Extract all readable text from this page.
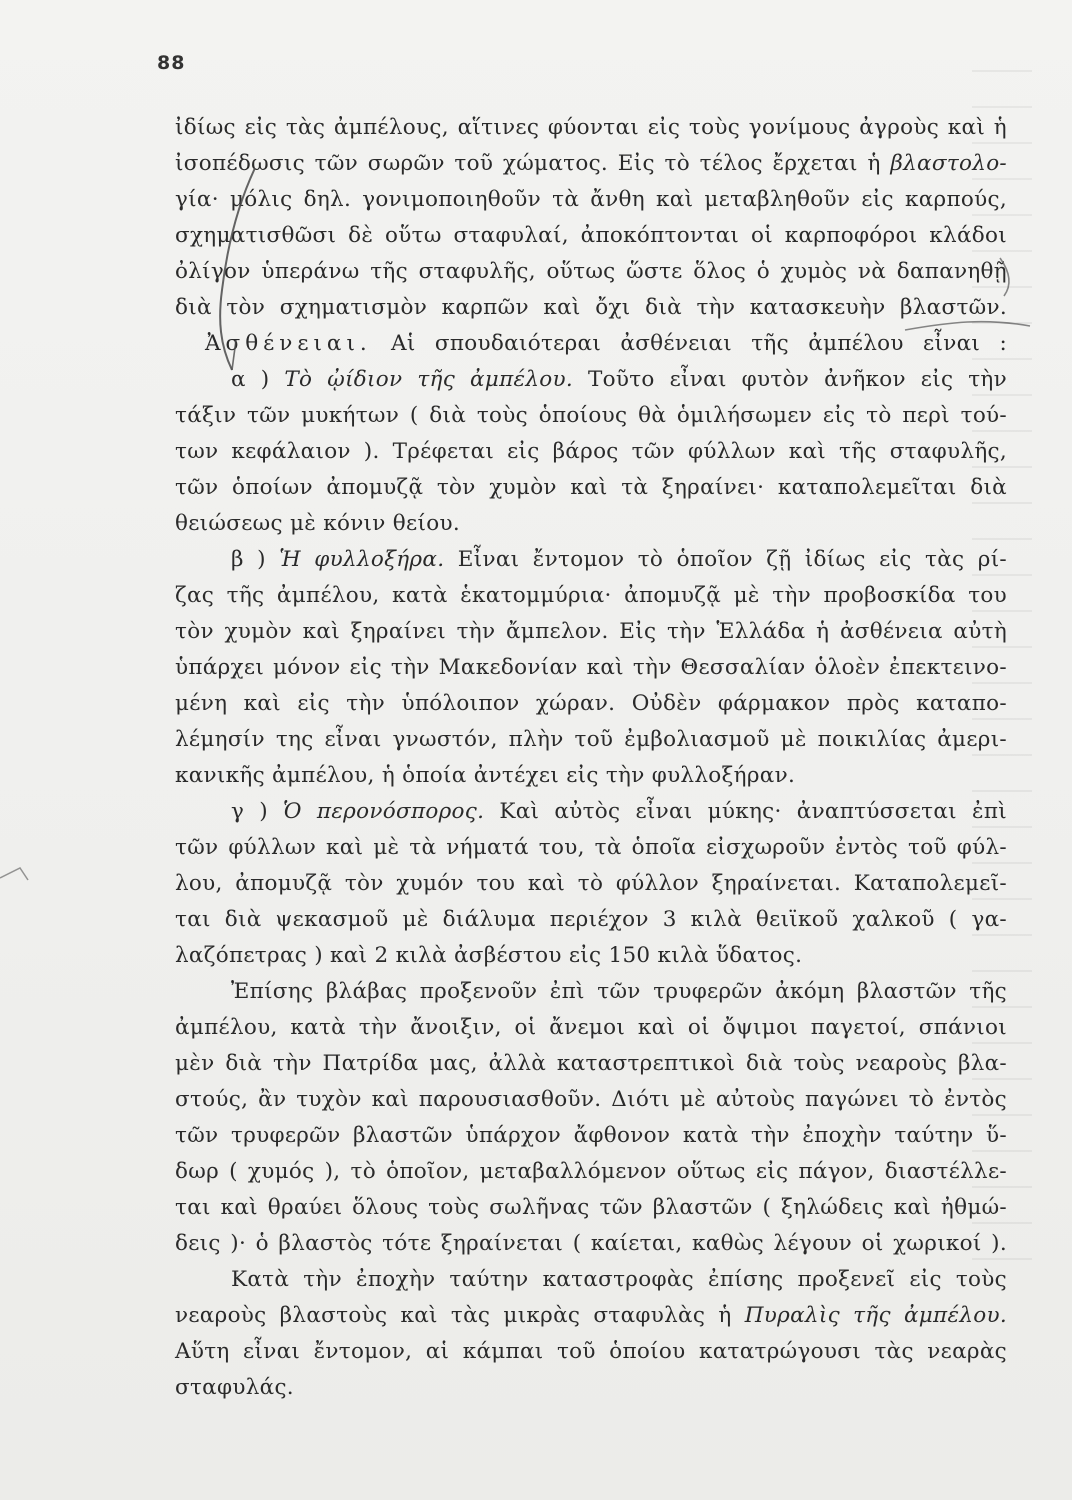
88
ἰδίως εἰς τὰς ἀμπέλους, αἵτινες φύονται εἰς τοὺς γονίμους ἀγροὺς καὶ ἡ
ἰσοπέδωσις τῶν σωρῶν τοῦ χώματος. Εἰς τὸ τέλος ἔρχεται ἡ βλαστολο-
γία· μόλις δηλ. γονιμοποιηθοῦν τὰ ἄνθη καὶ μεταβληθοῦν εἰς καρπούς,
σχηματισθῶσι δὲ οὕτω σταφυλαί, ἀποκόπτονται οἱ καρποφόροι κλάδοι
ὀλίγον ὑπεράνω τῆς σταφυλῆς, οὕτως ὥστε ὅλος ὁ χυμὸς νὰ δαπανηθῇ
διὰ τὸν σχηματισμὸν καρπῶν καὶ ὄχι διὰ τὴν κατασκευὴν βλαστῶν.
Ἀσθένειαι. Αἱ σπουδαιότεραι ἀσθένειαι τῆς ἀμπέλου εἶναι :
α ) Τὸ ᾠίδιον τῆς ἀμπέλου. Τοῦτο εἶναι φυτὸν ἀνῆκον εἰς τὴν
τάξιν τῶν μυκήτων ( διὰ τοὺς ὁποίους θὰ ὁμιλήσωμεν εἰς τὸ περὶ τού-
των κεφάλαιον ). Τρέφεται εἰς βάρος τῶν φύλλων καὶ τῆς σταφυλῆς,
τῶν ὁποίων ἀπομυζᾷ τὸν χυμὸν καὶ τὰ ξηραίνει· καταπολεμεῖται διὰ
θειώσεως μὲ κόνιν θείου.
β ) Ἡ φυλλοξήρα. Εἶναι ἔντομον τὸ ὁποῖον ζῇ ἰδίως εἰς τὰς ρί-
ζας τῆς ἀμπέλου, κατὰ ἑκατομμύρια· ἀπομυζᾷ μὲ τὴν προβοσκίδα του
τὸν χυμὸν καὶ ξηραίνει τὴν ἄμπελον. Εἰς τὴν Ἑλλάδα ἡ ἀσθένεια αὐτὴ
ὑπάρχει μόνον εἰς τὴν Μακεδονίαν καὶ τὴν Θεσσαλίαν ὁλοὲν ἐπεκτεινο-
μένη καὶ εἰς τὴν ὑπόλοιπον χώραν. Οὐδὲν φάρμακον πρὸς καταπο-
λέμησίν της εἶναι γνωστόν, πλὴν τοῦ ἐμβολιασμοῦ μὲ ποικιλίας ἀμερι-
κανικῆς ἀμπέλου, ἡ ὁποία ἀντέχει εἰς τὴν φυλλοξήραν.
γ ) Ὁ περονόσπορος. Καὶ αὐτὸς εἶναι μύκης· ἀναπτύσσεται ἐπὶ
τῶν φύλλων καὶ μὲ τὰ νήματά του, τὰ ὁποῖα εἰσχωροῦν ἐντὸς τοῦ φύλ-
λου, ἀπομυζᾷ τὸν χυμόν του καὶ τὸ φύλλον ξηραίνεται. Καταπολεμεῖ-
ται διὰ ψεκασμοῦ μὲ διάλυμα περιέχον 3 κιλὰ θειϊκοῦ χαλκοῦ ( γα-
λαζόπετρας ) καὶ 2 κιλὰ ἀσβέστου εἰς 150 κιλὰ ὕδατος.
Ἐπίσης βλάβας προξενοῦν ἐπὶ τῶν τρυφερῶν ἀκόμη βλαστῶν τῆς
ἀμπέλου, κατὰ τὴν ἄνοιξιν, οἱ ἄνεμοι καὶ οἱ ὄψιμοι παγετοί, σπάνιοι
μὲν διὰ τὴν Πατρίδα μας, ἀλλὰ καταστρεπτικοὶ διὰ τοὺς νεαροὺς βλα-
στούς, ἂν τυχὸν καὶ παρουσιασθοῦν. Διότι μὲ αὐτοὺς παγώνει τὸ ἐντὸς
τῶν τρυφερῶν βλαστῶν ὑπάρχον ἄφθονον κατὰ τὴν ἐποχὴν ταύτην ὕ-
δωρ ( χυμός ), τὸ ὁποῖον, μεταβαλλόμενον οὕτως εἰς πάγον, διαστέλλε-
ται καὶ θραύει ὅλους τοὺς σωλῆνας τῶν βλαστῶν ( ξηλώδεις καὶ ἠθμώ-
δεις )· ὁ βλαστὸς τότε ξηραίνεται ( καίεται, καθὼς λέγουν οἱ χωρικοί ).
Κατὰ τὴν ἐποχὴν ταύτην καταστροφὰς ἐπίσης προξενεῖ εἰς τοὺς
νεαροὺς βλαστοὺς καὶ τὰς μικρὰς σταφυλὰς ἡ Πυραλὶς τῆς ἀμπέλου.
Αὕτη εἶναι ἔντομον, αἱ κάμπαι τοῦ ὁποίου κατατρώγουσι τὰς νεαρὰς
σταφυλάς.
